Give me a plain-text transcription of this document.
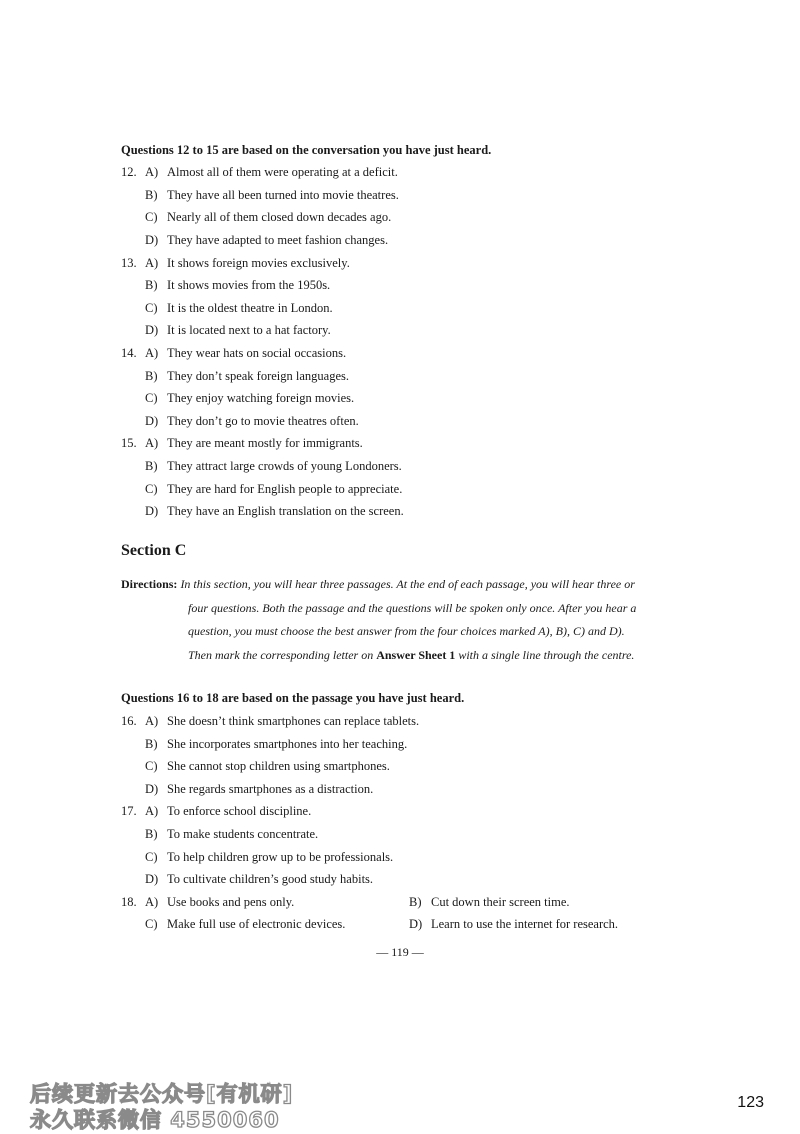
Questions 12 to 15 are based on the conversation you have just heard.
12. A) Almost all of them were operating at a deficit.
B) They have all been turned into movie theatres.
C) Nearly all of them closed down decades ago.
D) They have adapted to meet fashion changes.
13. A) It shows foreign movies exclusively.
B) It shows movies from the 1950s.
C) It is the oldest theatre in London.
D) It is located next to a hat factory.
14. A) They wear hats on social occasions.
B) They don’t speak foreign languages.
C) They enjoy watching foreign movies.
D) They don’t go to movie theatres often.
15. A) They are meant mostly for immigrants.
B) They attract large crowds of young Londoners.
C) They are hard for English people to appreciate.
D) They have an English translation on the screen.
Section C
Directions: In this section, you will hear three passages. At the end of each passage, you will hear three or
four questions. Both the passage and the questions will be spoken only once. After you hear a
question, you must choose the best answer from the four choices marked A), B), C) and D).
Then mark the corresponding letter on Answer Sheet 1 with a single line through the centre.
Questions 16 to 18 are based on the passage you have just heard.
16. A) She doesn’t think smartphones can replace tablets.
B) She incorporates smartphones into her teaching.
C) She cannot stop children using smartphones.
D) She regards smartphones as a distraction.
17. A) To enforce school discipline.
B) To make students concentrate.
C) To help children grow up to be professionals.
D) To cultivate children’s good study habits.
18. A) Use books and pens only.	B) Cut down their screen time.
C) Make full use of electronic devices.	D) Learn to use the internet for research.
— 119 —
后续更新去公众号[有机研]
永久联系微信 4550060
123
